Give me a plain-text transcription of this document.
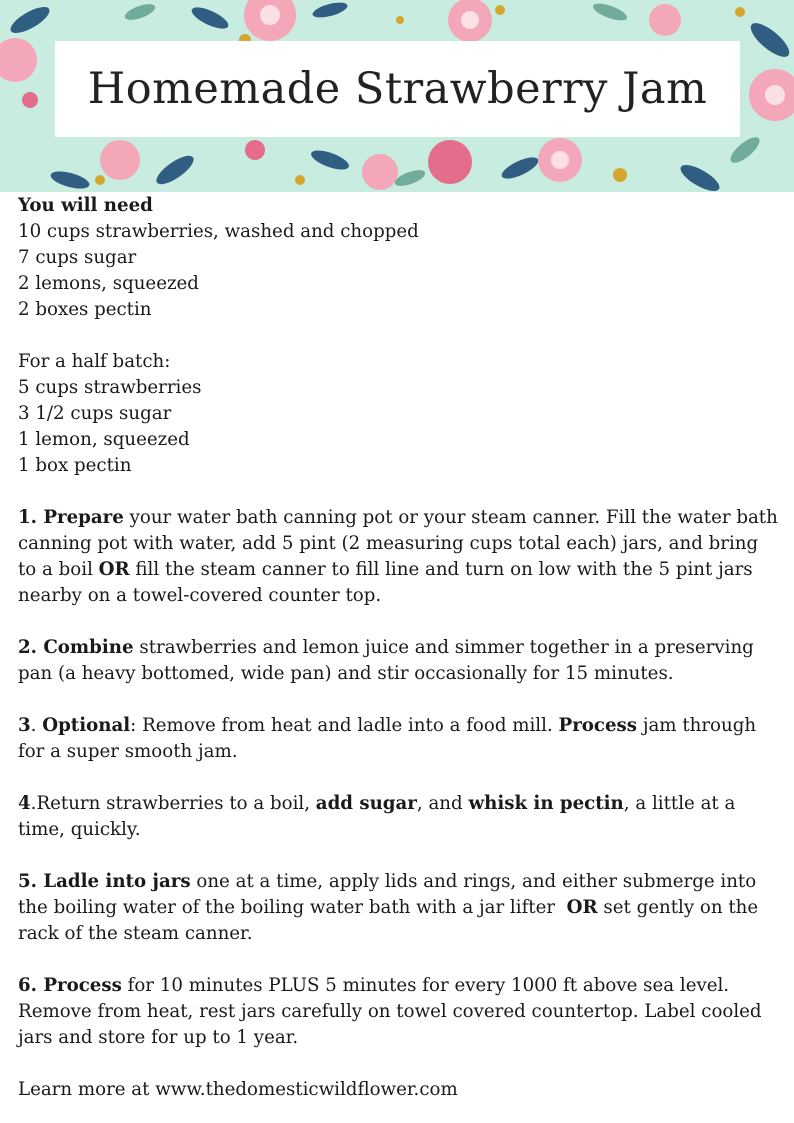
Homemade Strawberry Jam

You will need

10 cups strawberries, washed and chopped

7 cups sugar

2 lemons, squeezed

2 boxes pectin

For a half batch:

5 cups strawberries

3 1/2 cups sugar

1 lemon, squeezed

1 box pectin

1. Prepare your water bath canning pot or your steam canner. Fill the water bath canning pot with water, add 5 pint (2 measuring cups total each) jars, and bring to a boil OR fill the steam canner to fill line and turn on low with the 5 pint jars nearby on a towel-covered counter top.

2. Combine strawberries and lemon juice and simmer together in a preserving pan (a heavy bottomed, wide pan) and stir occasionally for 15 minutes.

3. Optional: Remove from heat and ladle into a food mill. Process jam through for a super smooth jam.

4.Return strawberries to a boil, add sugar, and whisk in pectin, a little at a time, quickly.

5. Ladle into jars one at a time, apply lids and rings, and either submerge into the boiling water of the boiling water bath with a jar lifter  OR set gently on the rack of the steam canner.

6. Process for 10 minutes PLUS 5 minutes for every 1000 ft above sea level. Remove from heat, rest jars carefully on towel covered countertop. Label cooled jars and store for up to 1 year.

Learn more at www.thedomesticwildflower.com
